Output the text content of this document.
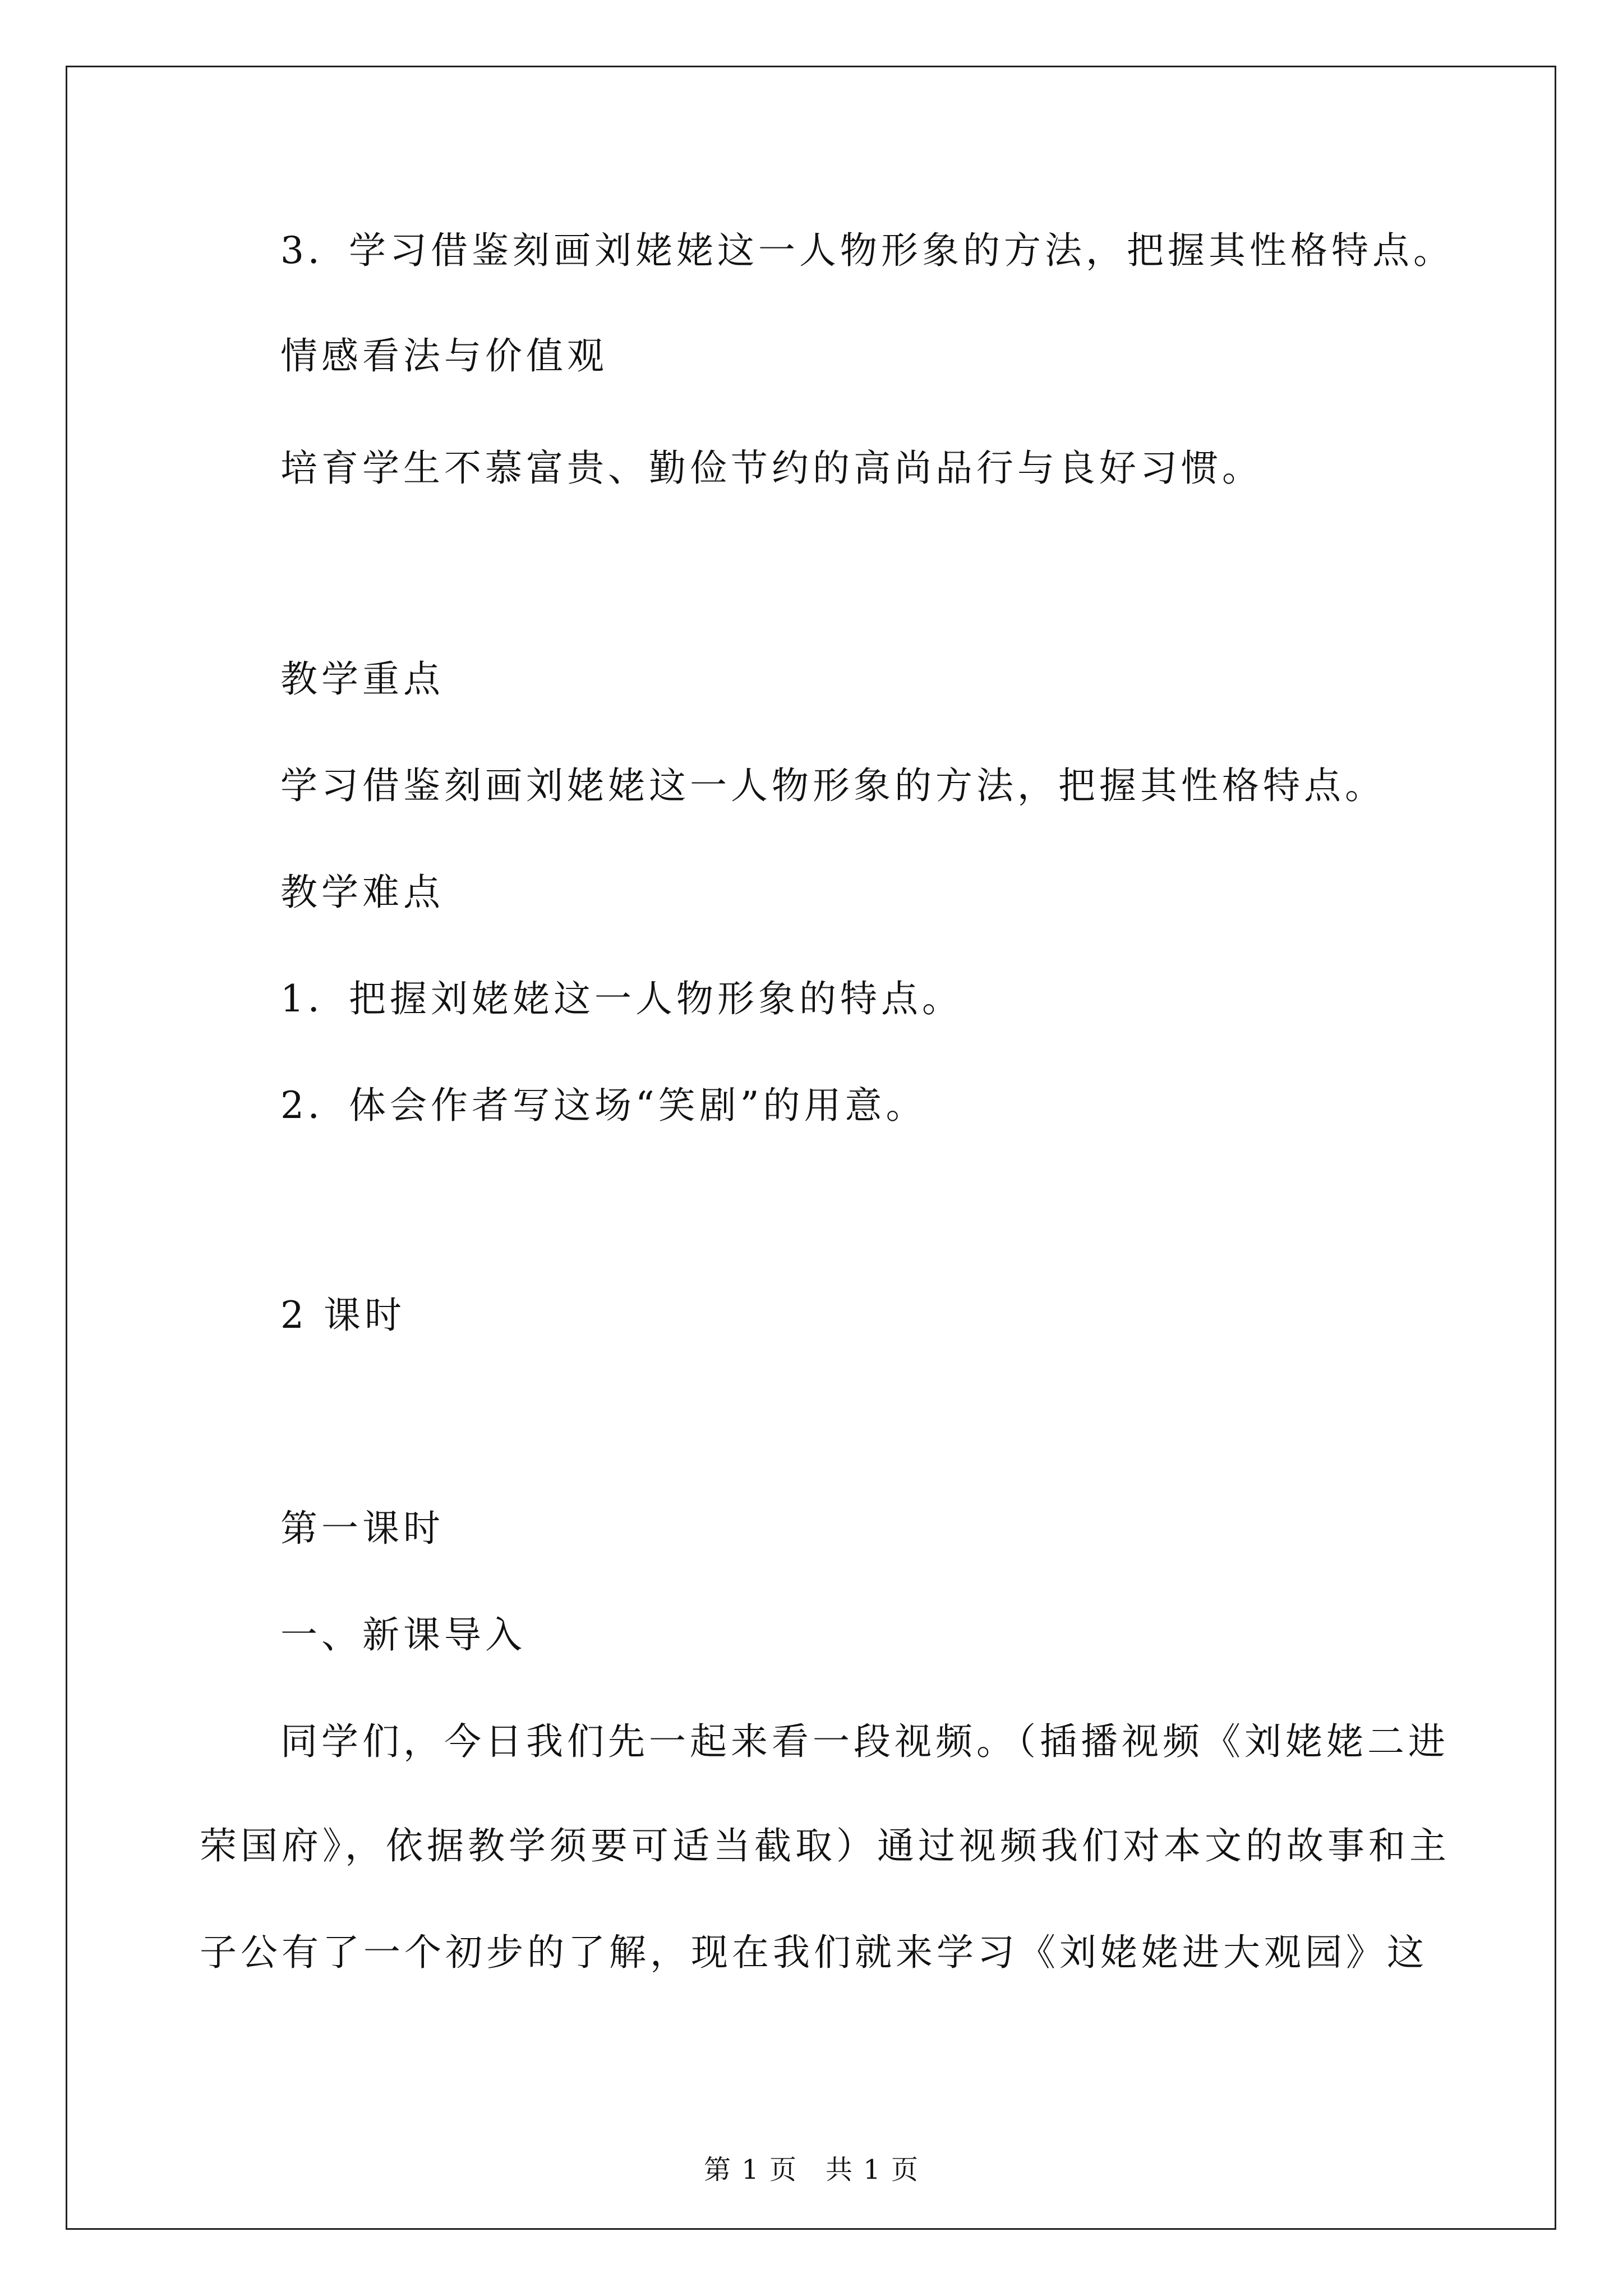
3．学习借鉴刻画刘姥姥这一人物形象的方法，把握其性格特点。
情感看法与价值观
培育学生不慕富贵、勤俭节约的高尚品行与良好习惯。
教学重点
学习借鉴刻画刘姥姥这一人物形象的方法，把握其性格特点。
教学难点
1．把握刘姥姥这一人物形象的特点。
2．体会作者写这场“笑剧”的用意。
2 课时
第一课时
一、新课导入
同学们，今日我们先一起来看一段视频。（插播视频《刘姥姥二进
荣国府》，依据教学须要可适当截取）通过视频我们对本文的故事和主
子公有了一个初步的了解，现在我们就来学习《刘姥姥进大观园》这
第 1 页　共 1 页
